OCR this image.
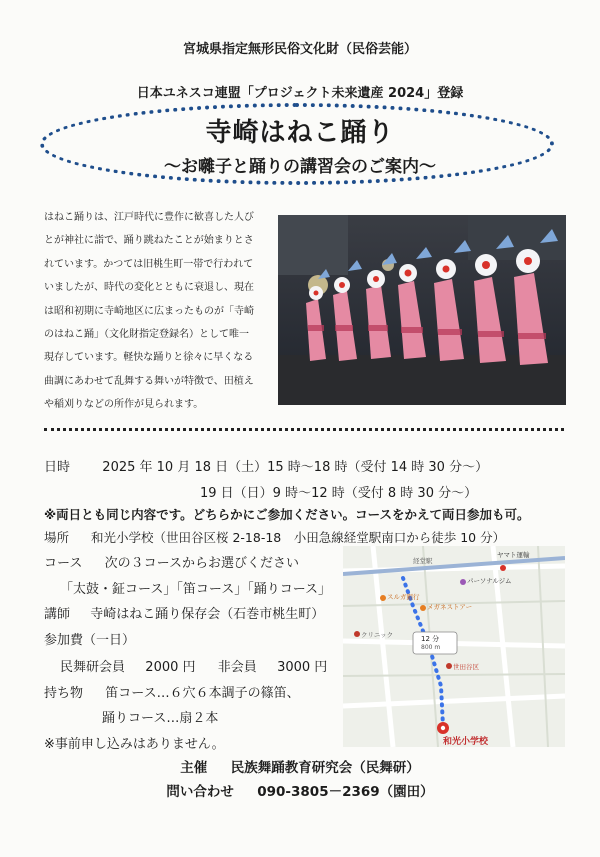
宮城県指定無形民俗文化財（民俗芸能）
日本ユネスコ連盟「プロジェクト未来遺産 2024」登録
寺崎はねこ踊り
～お囃子と踊りの講習会のご案内～
はねこ踊りは、江戸時代に豊作に歓喜した人び
とが神社に詣で、踊り跳ねたことが始まりとさ
れています。かつては旧桃生町一帯で行われて
いましたが、時代の変化とともに衰退し、現在
は昭和初期に寺崎地区に広まったものが「寺崎
のはねこ踊」（文化財指定登録名）として唯一
現存しています。軽快な踊りと徐々に早くなる
曲調にあわせて乱舞する舞いが特徴で、田植え
や稲刈りなどの所作が見られます。
日時 2025 年 10 月 18 日（土）15 時～18 時（受付 14 時 30 分～）
19 日（日）9 時～12 時（受付 8 時 30 分～）
※両日とも同じ内容です。どちらかにご参加ください。コースをかえて両日参加も可。
場所 和光小学校（世田谷区桜 2-18-18　小田急線経堂駅南口から徒歩 10 分）
コース 次の３コースからお選びください
「太鼓・鉦コース」「笛コース」「踊りコース」
講師 寺崎はねこ踊り保存会（石巻市桃生町）
参加費（一日）
民舞研会員 2000 円 非会員 3000 円
持ち物 笛コース…６穴６本調子の篠笛、
踊りコース…扇２本
※事前申し込みはありません。
経堂駅
ヤマト運輸
パーソナルジム
スルガ銀行
メガネストアー
クリニック
世田谷区
12 分
800 m
和光小学校
主催 民族舞踊教育研究会（民舞研）
問い合わせ 090-3805－2369（園田）
